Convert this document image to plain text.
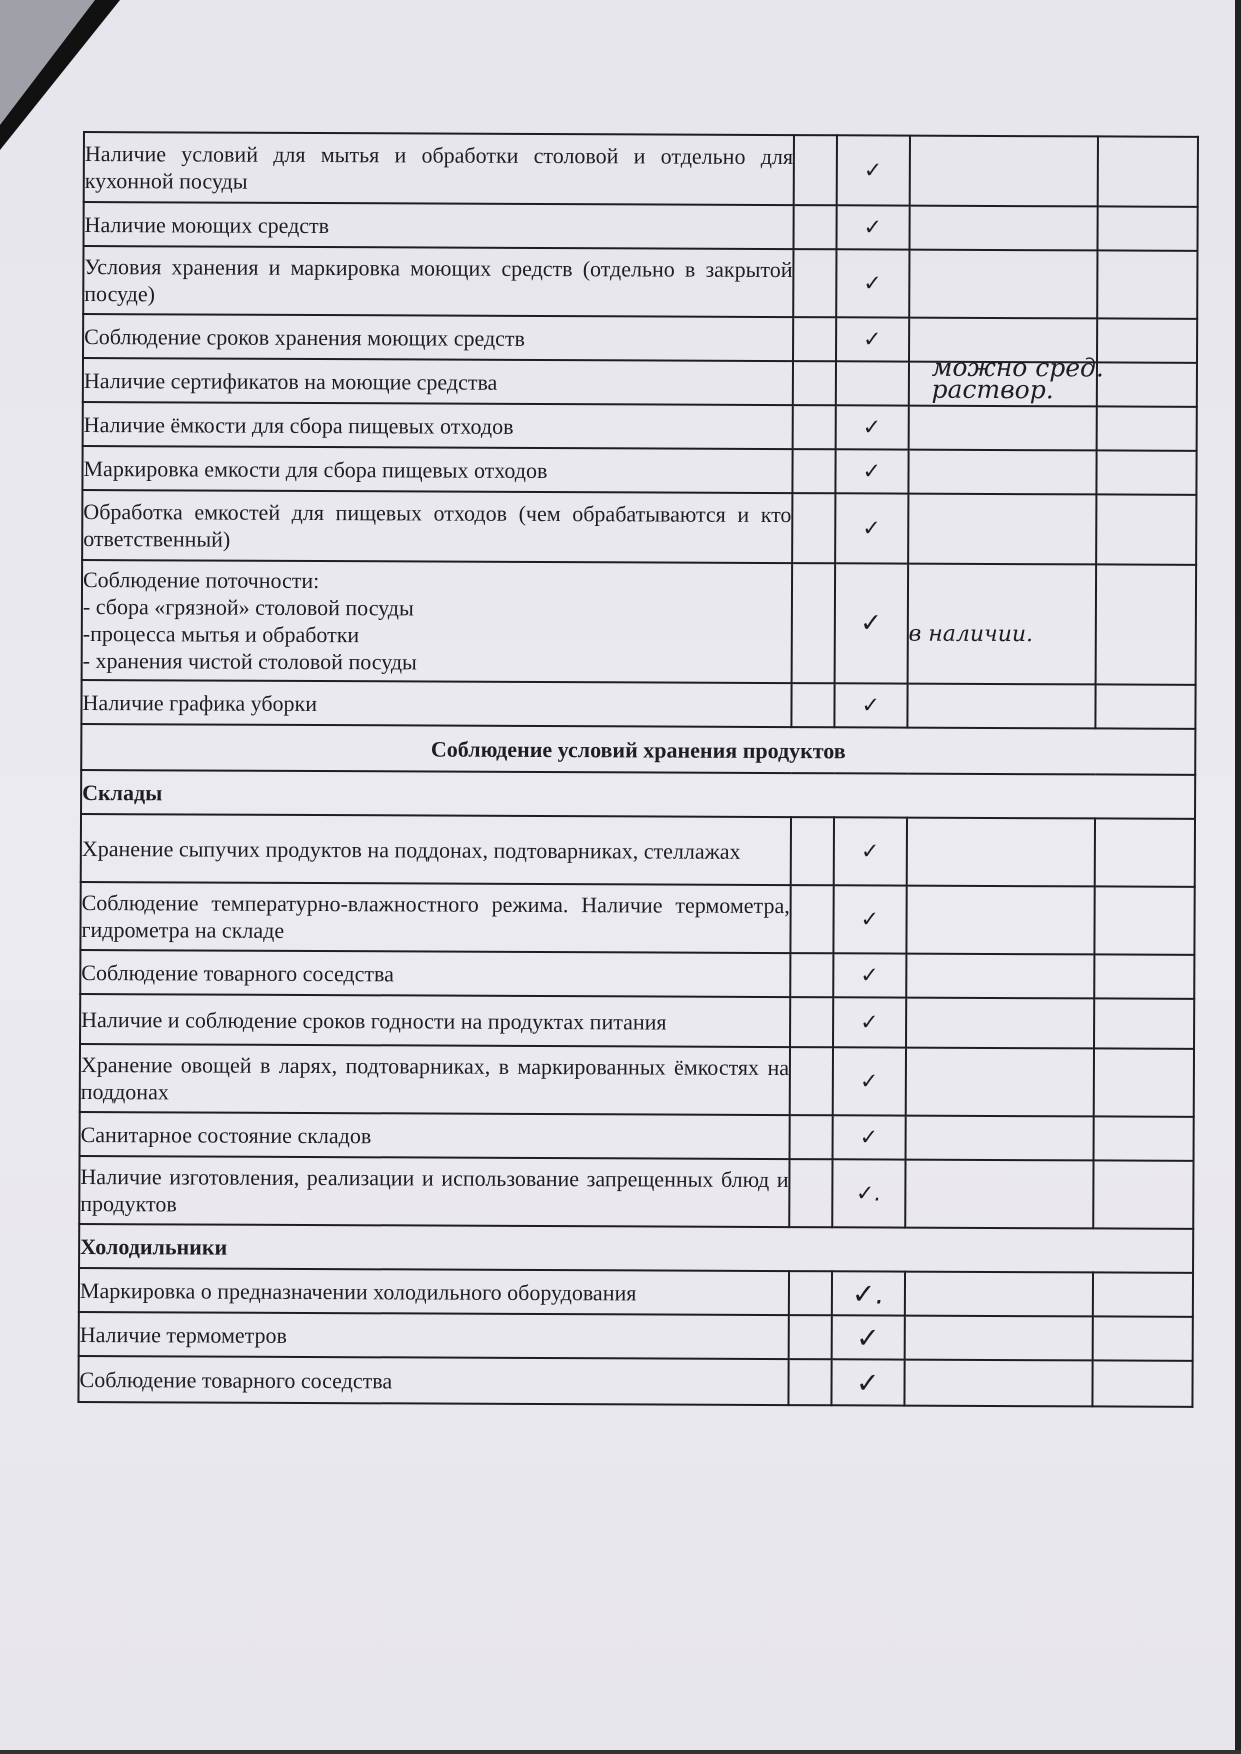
Наличие условий для мытья и обработки столовой и отдельно для кухонной посуды		✓		
Наличие моющих средств		✓		
Условия хранения и маркировка моющих средств (отдельно в закрытой посуде)		✓		
Соблюдение сроков хранения моющих средств		✓		
Наличие сертификатов на моющие средства			можно сред. раствор.	

Наличие ёмкости для сбора пищевых отходов		✓		
Маркировка емкости для сбора пищевых отходов		✓		
Обработка емкостей для пищевых отходов (чем обрабатываются и кто ответственный)		✓		

Соблюдение поточности:
- сбора «грязной» столовой посуды
-процесса мытья и обработки
- хранения чистой столовой посуды		✓	в наличии.	
Наличие графика уборки		✓		
Соблюдение условий хранения продуктов				
Склады				
Хранение сыпучих продуктов на поддонах, подтоварниках, стеллажах		✓		
Соблюдение температурно-влажностного режима. Наличие термометра, гидрометра на складе		✓		
Соблюдение товарного соседства		✓		
Наличие и соблюдение сроков годности на продуктах питания		✓		
Хранение овощей в ларях, подтоварниках, в маркированных ёмкостях на поддонах		✓		
Санитарное состояние складов		✓		
Наличие изготовления, реализации и использование запрещенных блюд и продуктов		✓.		
Холодильники				
Маркировка о предназначении холодильного оборудования		✓.		
Наличие термометров		✓		
Соблюдение товарного соседства		✓		
